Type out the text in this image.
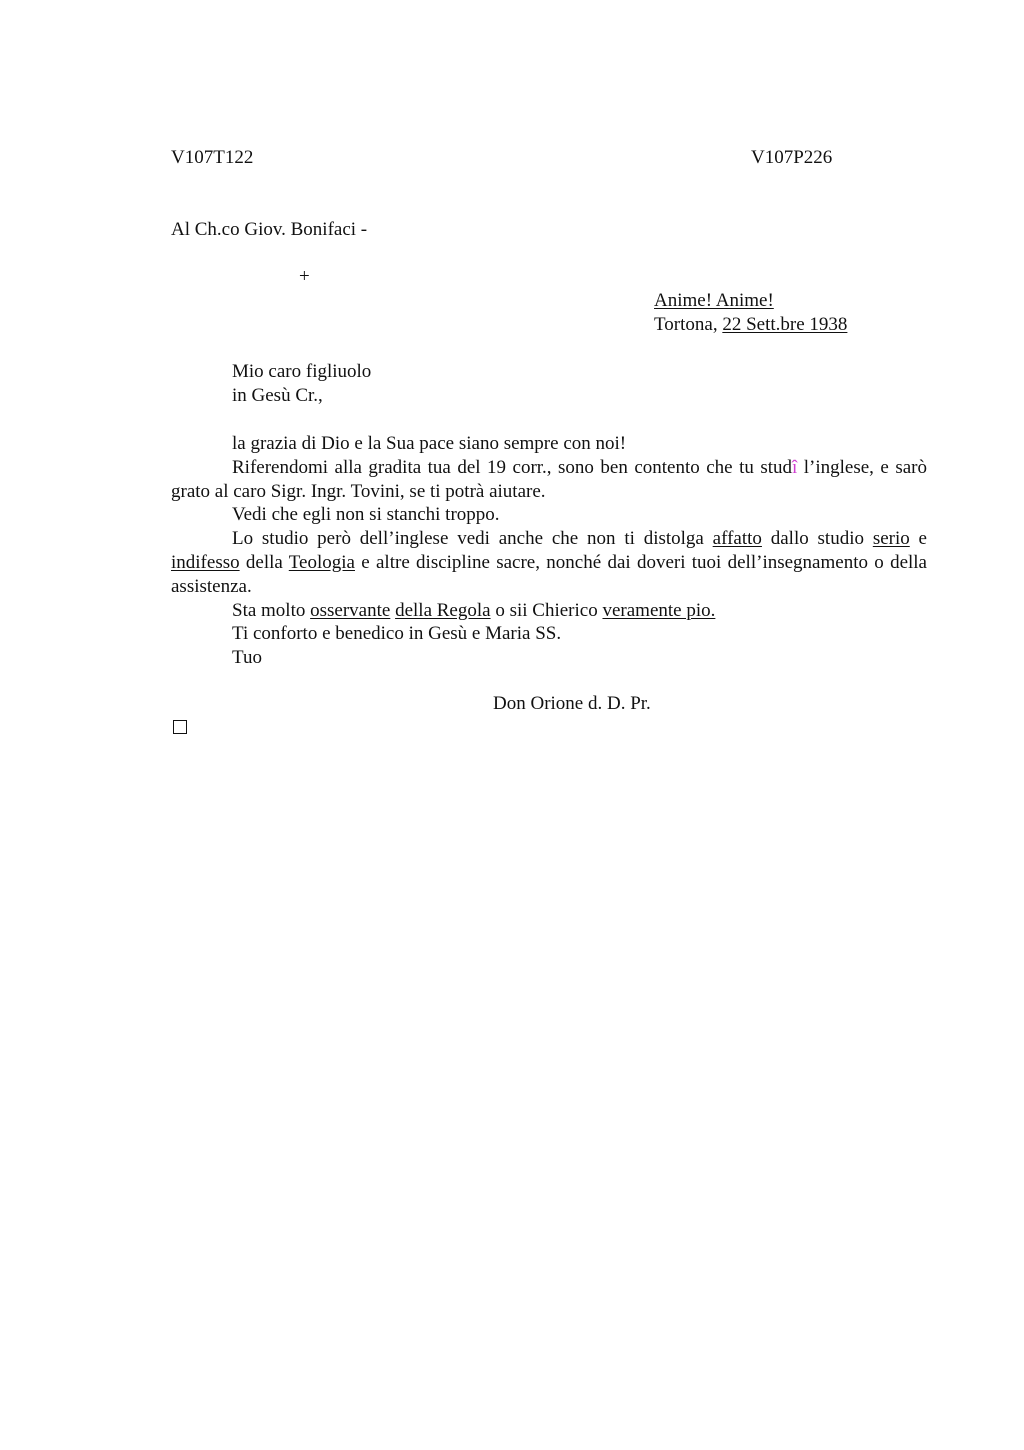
V107T122	V107P226
Al Ch.co Giov. Bonifaci -
+
Anime! Anime!
Tortona, 22 Sett.bre 1938
Mio caro figliuolo
in Gesù Cr.,

la grazia di Dio e la Sua pace siano sempre con noi!

Riferendomi alla gradita tua del 19 corr., sono ben contento che tu studî l’inglese, e sarò grato al caro Sigr. Ingr. Tovini, se ti potrà aiutare.

Vedi che egli non si stanchi troppo.

Lo studio però dell’inglese vedi anche che non ti distolga affatto dallo studio serio e indifesso della Teologia e altre discipline sacre, nonché dai doveri tuoi dell’insegnamento o della assistenza.

Sta molto osservante della Regola o sii Chierico veramente pio.

Ti conforto e benedico in Gesù e Maria SS.

Tuo

Don Orione d. D. Pr.
